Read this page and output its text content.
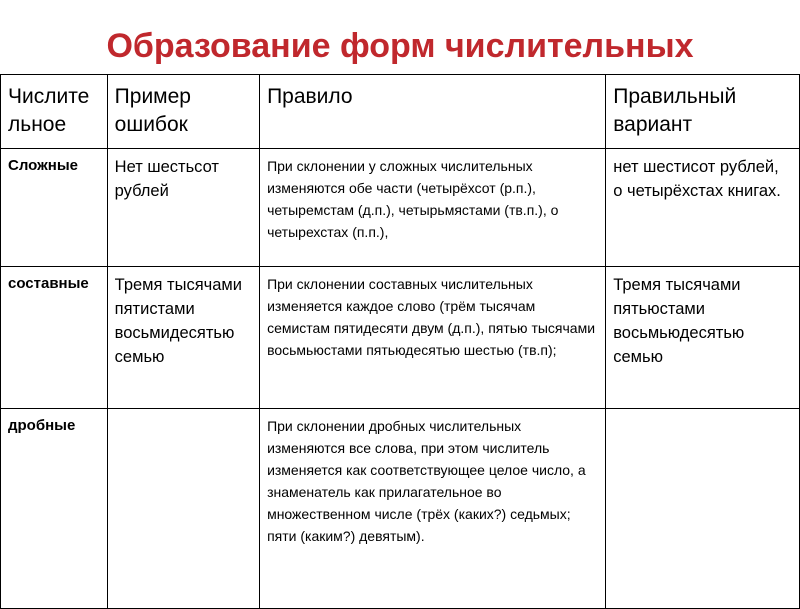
Образование форм числительных
Числите льное	Пример ошибок	Правило	Правильный вариант
Сложные	Нет шестьсот рублей	При склонении у сложных числительных изменяются обе части (четырёхсот (р.п.), четыремстам (д.п.), четырьмястами (тв.п.), о четырехстах (п.п.),	нет шестисот рублей, о четырёхстах книгах.
составные	Тремя тысячами пятистами восьмидесятью семью	При склонении составных числительных изменяется каждое слово (трём тысячам семистам пятидесяти двум (д.п.), пятью тысячами восьмьюстами пятьюдесятью шестью (тв.п);	Тремя тысячами пятьюстами восьмьюдесятью семью
дробные		При склонении дробных числительных изменяются все слова, при этом числитель изменяется как соответствующее целое число, а знаменатель как прилагательное во множественном числе (трёх (каких?) седьмых; пяти (каким?) девятым).	
